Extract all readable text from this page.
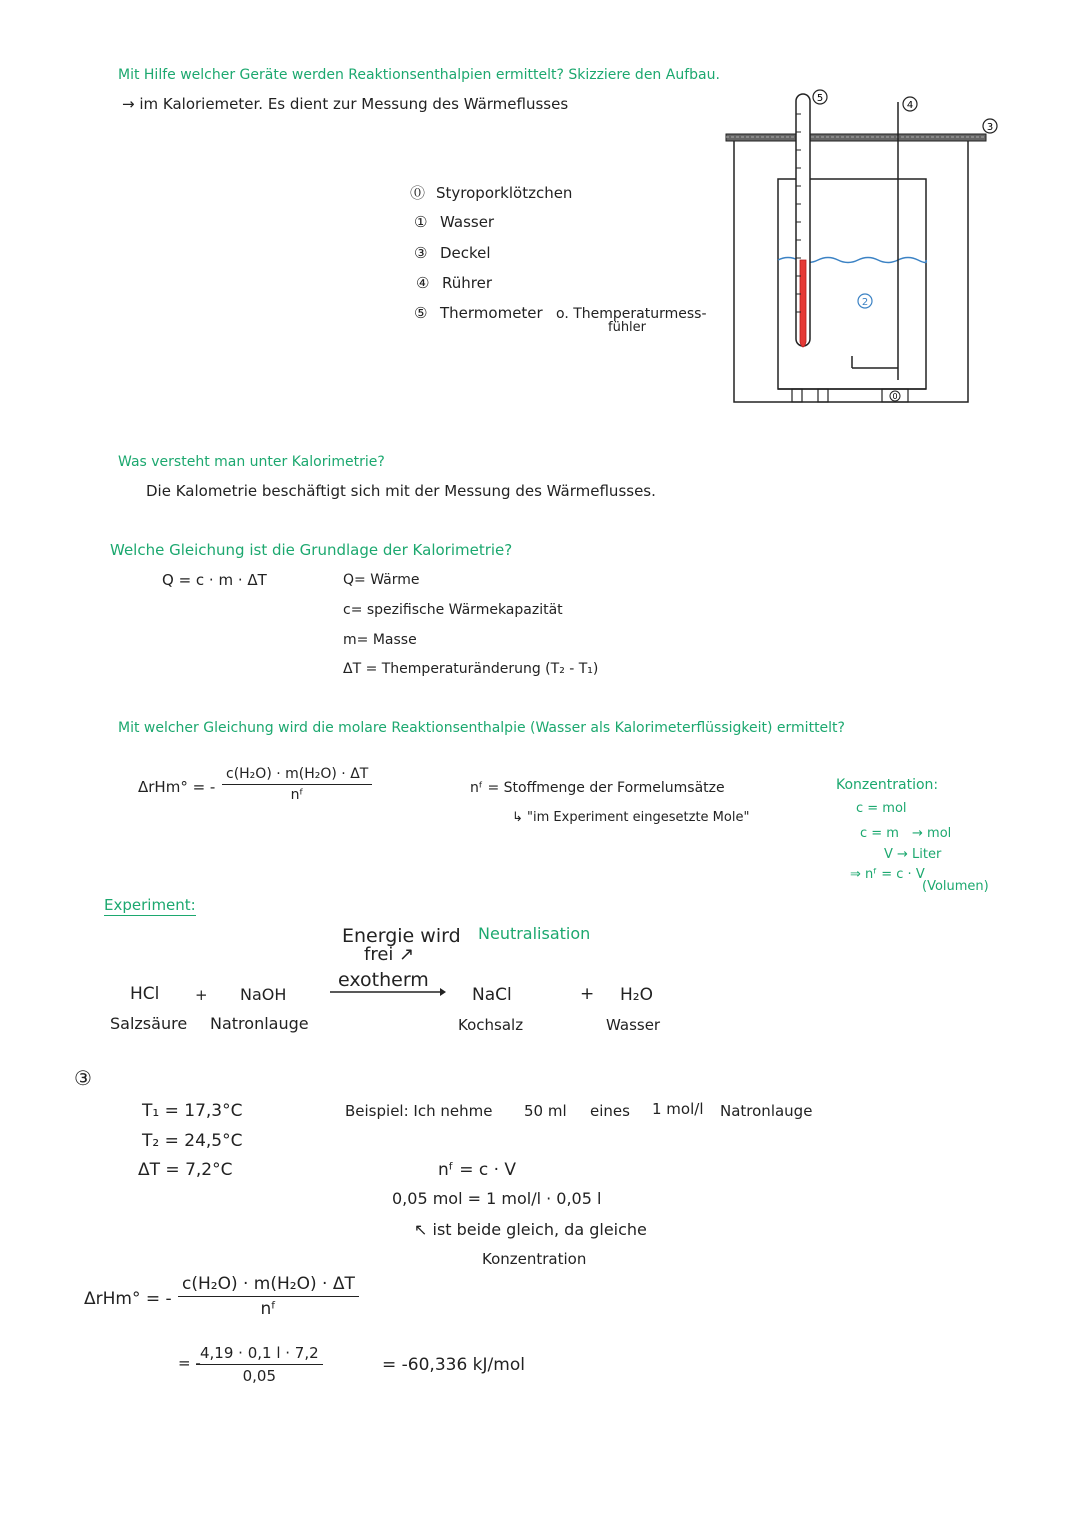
Mit Hilfe welcher Geräte werden Reaktionsenthalpien ermittelt? Skizziere den Aufbau.
→ im Kaloriemeter. Es dient zur Messung des Wärmeflusses
⓪ Styroporklötzchen
① Wasser
③ Deckel
④ Rührer
⑤ Thermometer o. Themperaturmess-
fühler
5
4
3
2
0
Was versteht man unter Kalorimetrie?
Die Kalometrie beschäftigt sich mit der Messung des Wärmeflusses.
Welche Gleichung ist die Grundlage der Kalorimetrie?
Q = c · m · ΔT	Q= Wärme
c= spezifische Wärmekapazität
m= Masse
ΔT = Themperaturänderung (T₂ - T₁)
Mit welcher Gleichung wird die molare Reaktionsenthalpie (Wasser als Kalorimeterflüssigkeit) ermittelt?
ΔrHm° = - $\frac{\text{c(H₂O) · m(H₂O) · ΔT}}{\text{nᶠ}}$	nᶠ = Stoffmenge der Formelumsätze
↳ "im Experiment eingesetzte Mole"
Konzentration:
c = mol
c = m → mol
V → Liter
⇒ nᶠ = c · V
(Volumen)
Experiment:
Energie wird
frei ↗
exotherm
Neutralisation
HCl + NaOH
Salzsäure Natronlauge
NaCl	+ H₂O
Kochsalz	Wasser
③
T₁ = 17,3°C
T₂ = 24,5°C
ΔT = 7,2°C
Beispiel: Ich nehme 50 ml eines 1 mol/l Natronlauge
nᶠ = c · V
0,05 mol = 1 mol/l · 0,05 l
↖ ist beide gleich, da gleiche
Konzentration
ΔrHm° = - $\frac{\text{c(H₂O) · m(H₂O) · ΔT}}{\text{nᶠ}}$
= -
$\frac{4,19 \cdot 0,1 l \cdot 7,2}{0,05}$	= -60,336 kJ/mol
